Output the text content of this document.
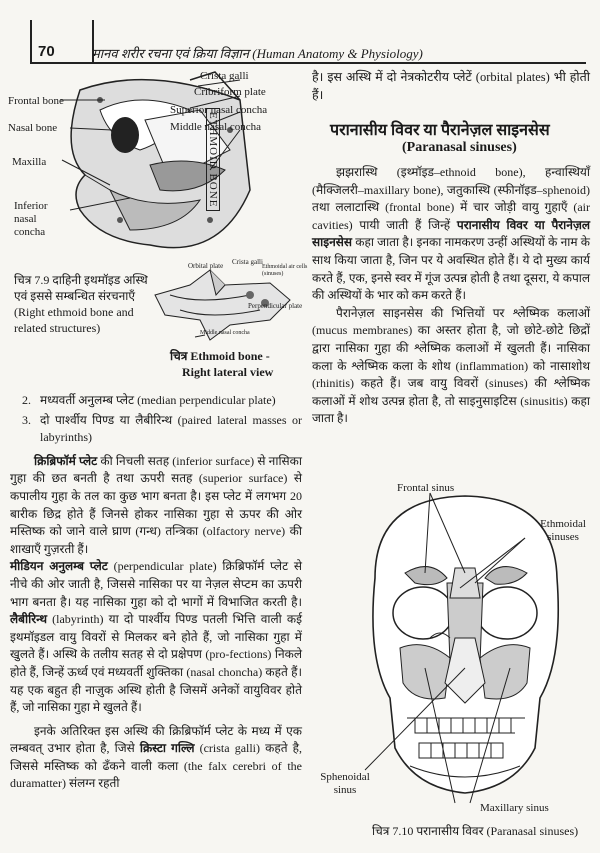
70	मानव शरीर रचना एवं क्रिया विज्ञान (Human Anatomy & Physiology)
Frontal bone
Nasal bone
Maxilla
Inferior nasal concha
Crista galli
Cribriform plate
Superior nasal concha
Middle nasal concha
ETHMOID BONE
चित्र 7.9 दाहिनी इथमॉइड अस्थि एवं इससे सम्बन्धित संरचनाएँ (Right ethmoid bone and related structures)
Orbital plate Crista galli
Ethmoidal air cells (sinuses)
Perpendicular plate
Middle nasal concha
चित्र Ethmoid bone -
Right lateral view
2. मध्यवर्ती अनुलम्ब प्लेट (median perpendicular plate)
3. दो पार्श्वीय पिण्ड या लैबीरिन्थ (paired lateral masses or labyrinths)

क्रिब्रिफॉर्म प्लेट की निचली सतह (inferior surface) से नासिका गुहा की छत बनती है तथा ऊपरी सतह (superior surface) से कपालीय गुहा के तल का कुछ भाग बनता है। इस प्लेट में लगभग 20 बारीक छिद्र होते हैं जिनसे होकर नासिका गुहा से ऊपर की ओर मस्तिष्क को जाने वाले घ्राण (गन्ध) तन्त्रिका (olfactory nerve) की शाखाएँ गुज़रती हैं।

मीडियन अनुलम्ब प्लेट (perpendicular plate) क्रिब्रिफॉर्म प्लेट से नीचे की ओर जाती है, जिससे नासिका पर या नेज़ल सेप्टम का ऊपरी भाग बनता है। यह नासिका गुहा को दो भागों में विभाजित करती है। लैबीरिन्थ (labyrinth) या दो पार्श्वीय पिण्ड पतली भित्ति वाली कई इथमॉइडल वायु विवरों से मिलकर बने होते हैं, जो नासिका गुहा में खुलते हैं। अस्थि के तलीय सतह से दो प्रक्षेपण (pro-fections) निकले होते हैं, जिन्हें ऊर्ध्व एवं मध्यवर्ती शुक्तिका (nasal choncha) कहते हैं। यह एक बहुत ही नाज़ुक अस्थि होती है जिसमें अनेकों वायुविवर होते हैं, जो नासिका गुहा मे खुलते हैं।

इनके अतिरिक्त इस अस्थि की क्रिब्रिफॉर्म प्लेट के मध्य में एक लम्बवत् उभार होता है, जिसे क्रिस्टा गल्लि (crista galli) कहते है, जिससे मस्तिष्क को ढँकने वाली कला (the falx cerebri of the duramatter) संलग्न रहती

है। इस अस्थि में दो नेत्रकोटरीय प्लेटें (orbital plates) भी होती हैं।
परानासीय विवर या पैरानेज़ल साइनसेस
(Paranasal sinuses)

झझरास्थि (इथ्मॉइड–ethnoid bone), हन्वास्थियाँ (मैक्जिलरी–maxillary bone), जतुकास्थि (स्फीनॉइड–sphenoid) तथा ललाटास्थि (frontal bone) में चार जोड़ी वायु गुहाएँ (air cavities) पायी जाती हैं जिन्हें परानासीय विवर या पैरानेज़ल साइनसेस कहा जाता है। इनका नामकरण उन्हीं अस्थियों के नाम के साथ किया जाता है, जिन पर ये अवस्थित होते हैं। ये दो मुख्य कार्य करते हैं, एक, इनसे स्वर में गूंज उत्पन्न होती है तथा दूसरा, ये कपाल की अस्थियों के भार को कम करते हैं।

पैरानेज़ल साइनसेस की भित्तियों पर श्लेष्मिक कलाओं (mucus membranes) का अस्तर होता है, जो छोटे-छोटे छिद्रों द्वारा नासिका गुहा की श्लेष्मिक कलाओं में खुलती हैं। नासिका कला के श्लेष्मिक कला के शोथ (inflammation) को नासाशोथ (rhinitis) कहते हैं। जब वायु विवरों (sinuses) की श्लेष्मिक कलाओं में शोथ उत्पन्न होता है, तो साइनुसाइटिस (sinusitis) कहा जाता है।

Frontal sinus
Ethmoidal sinuses
Sphenoidal sinus
Maxillary sinus
चित्र 7.10 परानासीय विवर (Paranasal sinuses)
